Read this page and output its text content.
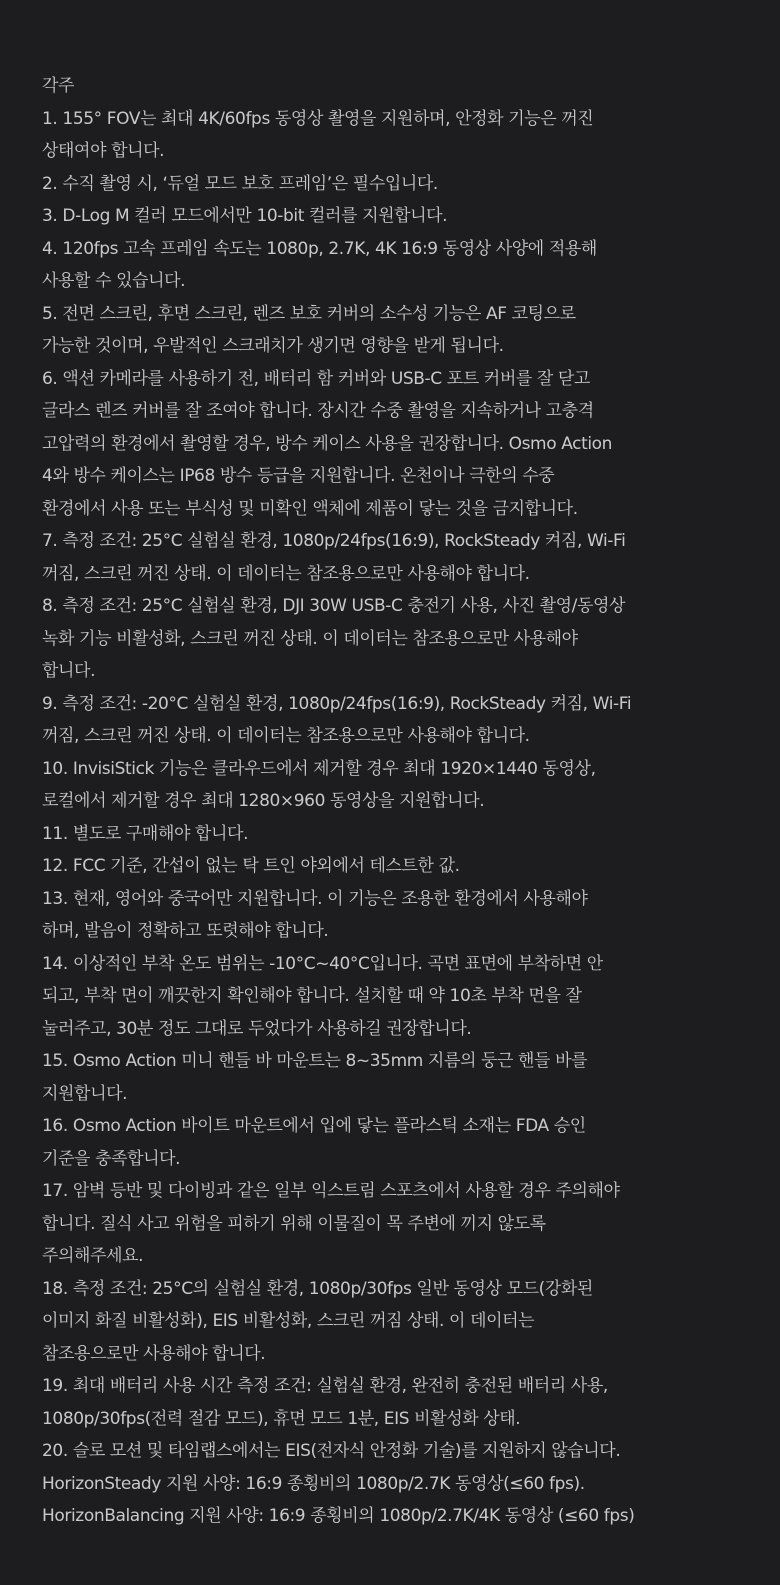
각주
1. 155° FOV는 최대 4K/60fps 동영상 촬영을 지원하며, 안정화 기능은 꺼진
상태여야 합니다.
2. 수직 촬영 시, ‘듀얼 모드 보호 프레임’은 필수입니다.
3. D-Log M 컬러 모드에서만 10-bit 컬러를 지원합니다.
4. 120fps 고속 프레임 속도는 1080p, 2.7K, 4K 16:9 동영상 사양에 적용해
사용할 수 있습니다.
5. 전면 스크린, 후면 스크린, 렌즈 보호 커버의 소수성 기능은 AF 코팅으로
가능한 것이며, 우발적인 스크래치가 생기면 영향을 받게 됩니다.
6. 액션 카메라를 사용하기 전, 배터리 함 커버와 USB-C 포트 커버를 잘 닫고
글라스 렌즈 커버를 잘 조여야 합니다. 장시간 수중 촬영을 지속하거나 고충격
고압력의 환경에서 촬영할 경우, 방수 케이스 사용을 권장합니다. Osmo Action
4와 방수 케이스는 IP68 방수 등급을 지원합니다. 온천이나 극한의 수중
환경에서 사용 또는 부식성 및 미확인 액체에 제품이 닿는 것을 금지합니다.
7. 측정 조건: 25°C 실험실 환경, 1080p/24fps(16:9), RockSteady 켜짐, Wi-Fi
꺼짐, 스크린 꺼진 상태. 이 데이터는 참조용으로만 사용해야 합니다.
8. 측정 조건: 25°C 실험실 환경, DJI 30W USB-C 충전기 사용, 사진 촬영/동영상
녹화 기능 비활성화, 스크린 꺼진 상태. 이 데이터는 참조용으로만 사용해야
합니다.
9. 측정 조건: -20°C 실험실 환경, 1080p/24fps(16:9), RockSteady 켜짐, Wi-Fi
꺼짐, 스크린 꺼진 상태. 이 데이터는 참조용으로만 사용해야 합니다.
10. InvisiStick 기능은 클라우드에서 제거할 경우 최대 1920×1440 동영상,
로컬에서 제거할 경우 최대 1280×960 동영상을 지원합니다.
11. 별도로 구매해야 합니다.
12. FCC 기준, 간섭이 없는 탁 트인 야외에서 테스트한 값.
13. 현재, 영어와 중국어만 지원합니다. 이 기능은 조용한 환경에서 사용해야
하며, 발음이 정확하고 또렷해야 합니다.
14. 이상적인 부착 온도 범위는 -10°C~40°C입니다. 곡면 표면에 부착하면 안
되고, 부착 면이 깨끗한지 확인해야 합니다. 설치할 때 약 10초 부착 면을 잘
눌러주고, 30분 정도 그대로 두었다가 사용하길 권장합니다.
15. Osmo Action 미니 핸들 바 마운트는 8~35mm 지름의 둥근 핸들 바를
지원합니다.
16. Osmo Action 바이트 마운트에서 입에 닿는 플라스틱 소재는 FDA 승인
기준을 충족합니다.
17. 암벽 등반 및 다이빙과 같은 일부 익스트림 스포츠에서 사용할 경우 주의해야
합니다. 질식 사고 위험을 피하기 위해 이물질이 목 주변에 끼지 않도록
주의해주세요.
18. 측정 조건: 25°C의 실험실 환경, 1080p/30fps 일반 동영상 모드(강화된
이미지 화질 비활성화), EIS 비활성화, 스크린 꺼짐 상태. 이 데이터는
참조용으로만 사용해야 합니다.
19. 최대 배터리 사용 시간 측정 조건: 실험실 환경, 완전히 충전된 배터리 사용,
1080p/30fps(전력 절감 모드), 휴면 모드 1분, EIS 비활성화 상태.
20. 슬로 모션 및 타임랩스에서는 EIS(전자식 안정화 기술)를 지원하지 않습니다.
HorizonSteady 지원 사양: 16:9 종횡비의 1080p/2.7K 동영상(≤60 fps).
HorizonBalancing 지원 사양: 16:9 종횡비의 1080p/2.7K/4K 동영상 (≤60 fps)
